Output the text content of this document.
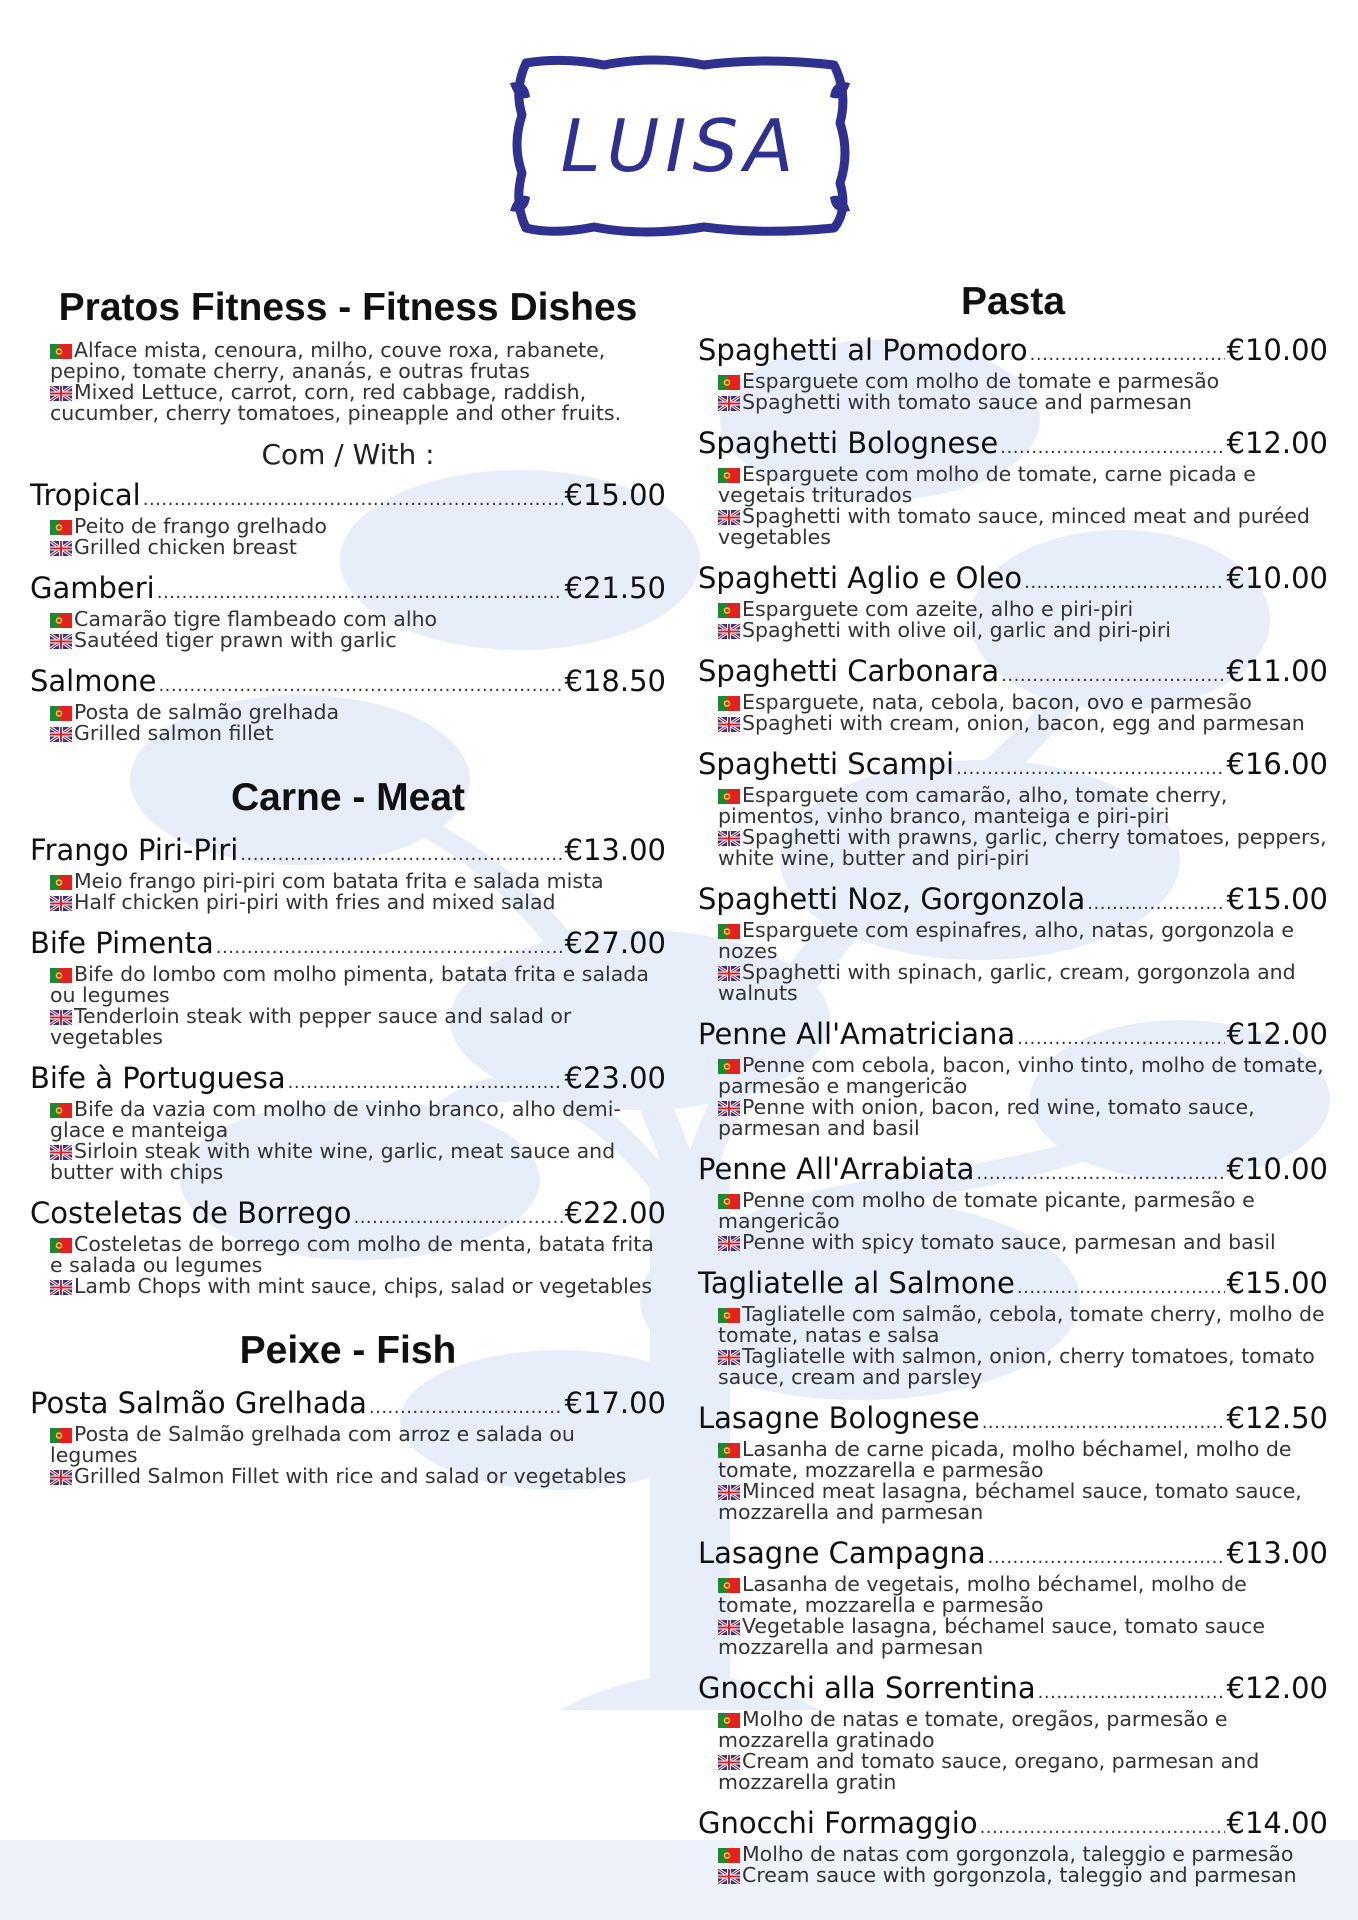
LUISA
Pratos Fitness - Fitness Dishes
Alface mista, cenoura, milho, couve roxa, rabanete, pepino, tomate cherry, ananás, e outras frutas
Mixed Lettuce, carrot, corn, red cabbage, raddish, cucumber, cherry tomatoes, pineapple and other fruits.
Com / With :
Tropical .....	€15.00
Peito de frango grelhado
Grilled chicken breast
Gamberi .....	€21.50
Camarão tigre flambeado com alho
Sautéed tiger prawn with garlic
Salmone .....	€18.50
Posta de salmão grelhada
Grilled salmon fillet
Carne - Meat
Frango Piri-Piri .....	€13.00
Meio frango piri-piri com batata frita e salada mista
Half chicken piri-piri with fries and mixed salad
Bife Pimenta .....	€27.00
Bife do lombo com molho pimenta, batata frita e salada ou legumes
Tenderloin steak with pepper sauce and salad or vegetables
Bife à Portuguesa .....	€23.00
Bife da vazia com molho de vinho branco, alho demi-glace e manteiga
Sirloin steak with white wine, garlic, meat sauce and butter with chips
Costeletas de Borrego .....	€22.00
Costeletas de borrego com molho de menta, batata frita e salada ou legumes
Lamb Chops with mint sauce, chips, salad or vegetables
Peixe - Fish
Posta Salmão Grelhada .....	€17.00
Posta de Salmão grelhada com arroz e salada ou legumes
Grilled Salmon Fillet with rice and salad or vegetables
Pasta
Spaghetti al Pomodoro .....	€10.00
Esparguete com molho de tomate e parmesão
Spaghetti with tomato sauce and parmesan
Spaghetti Bolognese .....	€12.00
Esparguete com molho de tomate, carne picada e vegetais triturados
Spaghetti with tomato sauce, minced meat and puréed vegetables
Spaghetti Aglio e Oleo .....	€10.00
Esparguete com azeite, alho e piri-piri
Spaghetti with olive oil, garlic and piri-piri
Spaghetti Carbonara .....	€11.00
Esparguete, nata, cebola, bacon, ovo e parmesão
Spagheti with cream, onion, bacon, egg and parmesan
Spaghetti Scampi .....	€16.00
Esparguete com camarão, alho, tomate cherry, pimentos, vinho branco, manteiga e piri-piri
Spaghetti with prawns, garlic, cherry tomatoes, peppers, white wine, butter and piri-piri
Spaghetti Noz, Gorgonzola .....	€15.00
Esparguete com espinafres, alho, natas, gorgonzola e nozes
Spaghetti with spinach, garlic, cream, gorgonzola and walnuts
Penne All'Amatriciana .....	€12.00
Penne com cebola, bacon, vinho tinto, molho de tomate, parmesão e mangericão
Penne with onion, bacon, red wine, tomato sauce, parmesan and basil
Penne All'Arrabiata .....	€10.00
Penne com molho de tomate picante, parmesão e mangericão
Penne with spicy tomato sauce, parmesan and basil
Tagliatelle al Salmone .....	€15.00
Tagliatelle com salmão, cebola, tomate cherry, molho de tomate, natas e salsa
Tagliatelle with salmon, onion, cherry tomatoes, tomato sauce, cream and parsley
Lasagne Bolognese .....	€12.50
Lasanha de carne picada, molho béchamel, molho de tomate, mozzarella e parmesão
Minced meat lasagna, béchamel sauce, tomato sauce, mozzarella and parmesan
Lasagne Campagna .....	€13.00
Lasanha de vegetais, molho béchamel, molho de tomate, mozzarella e parmesão
Vegetable lasagna, béchamel sauce, tomato sauce mozzarella and parmesan
Gnocchi alla Sorrentina .....	€12.00
Molho de natas e tomate, oregãos, parmesão e mozzarella gratinado
Cream and tomato sauce, oregano, parmesan and mozzarella gratin
Gnocchi Formaggio .....	€14.00
Molho de natas com gorgonzola, taleggio e parmesão
Cream sauce with gorgonzola, taleggio and parmesan
